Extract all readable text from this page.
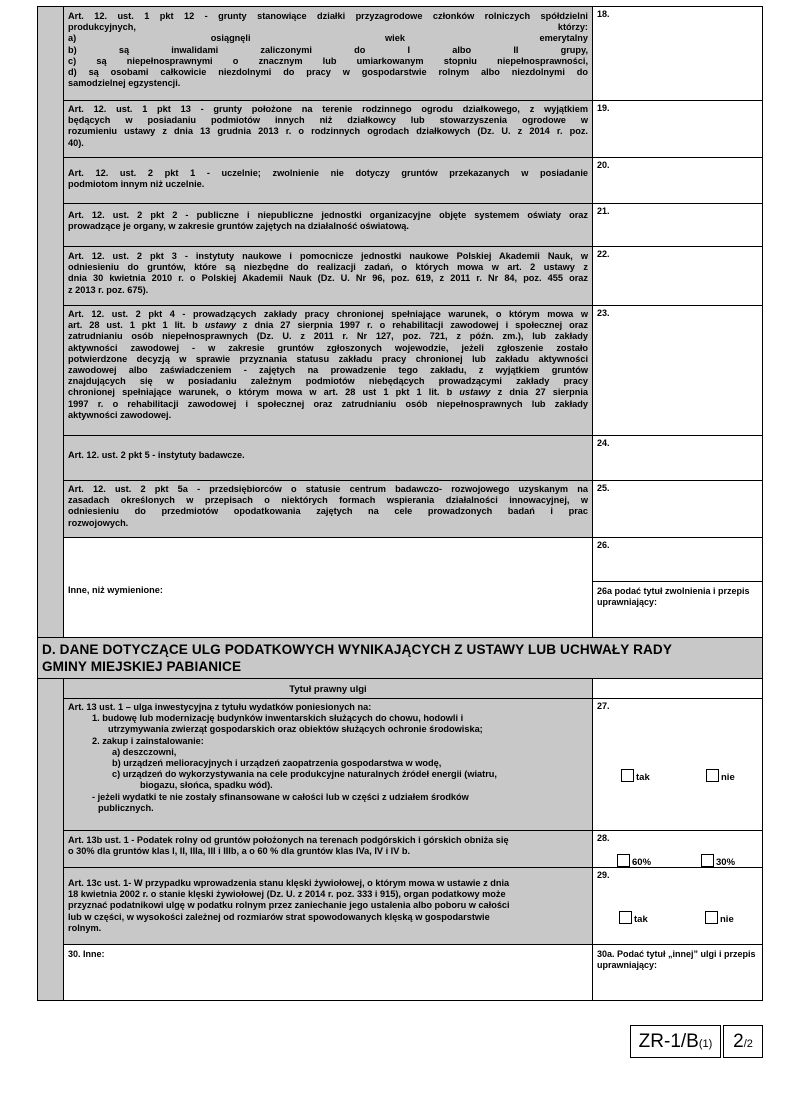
Art. 12. ust. 1 pkt 12 - grunty stanowiące działki przyzagrodowe członków rolniczych spółdzielni
produkcyjnych, którzy:
a) osiągnęli wiek emerytalny
b) są inwalidami zaliczonymi do I albo II grupy,
c) są niepełnosprawnymi o znacznym lub umiarkowanym stopniu niepełnosprawności,
d) są osobami całkowicie niezdolnymi do pracy w gospodarstwie rolnym albo niezdolnymi do
samodzielnej egzystencji.
18.
Art. 12. ust. 1 pkt 13 - grunty położone na terenie rodzinnego ogrodu działkowego, z wyjątkiem
będących w posiadaniu podmiotów innych niż działkowcy lub stowarzyszenia ogrodowe w
rozumieniu ustawy z dnia 13 grudnia 2013 r. o rodzinnych ogrodach działkowych (Dz. U. z 2014 r. poz.
40).
19.
Art. 12. ust. 2 pkt 1 - uczelnie; zwolnienie nie dotyczy gruntów przekazanych w posiadanie
podmiotom innym niż uczelnie.
20.
Art. 12. ust. 2 pkt 2 - publiczne i niepubliczne jednostki organizacyjne objęte systemem oświaty oraz
prowadzące je organy, w zakresie gruntów zajętych na działalność oświatową.
21.
Art. 12. ust. 2 pkt 3 - instytuty naukowe i pomocnicze jednostki naukowe Polskiej Akademii Nauk, w
odniesieniu do gruntów, które są niezbędne do realizacji zadań, o których mowa w art. 2 ustawy z
dnia 30 kwietnia 2010 r. o Polskiej Akademii Nauk (Dz. U. Nr 96, poz. 619, z 2011 r. Nr 84, poz. 455 oraz
z 2013 r. poz. 675).
22.
Art. 12. ust. 2 pkt 4 - prowadzących zakłady pracy chronionej spełniające warunek, o którym mowa w
art. 28 ust. 1 pkt 1 lit. b ustawy z dnia 27 sierpnia 1997 r. o rehabilitacji zawodowej i społecznej oraz
zatrudnianiu osób niepełnosprawnych (Dz. U. z 2011 r. Nr 127, poz. 721, z późn. zm.), lub zakłady
aktywności zawodowej - w zakresie gruntów zgłoszonych wojewodzie, jeżeli zgłoszenie zostało
potwierdzone decyzją w sprawie przyznania statusu zakładu pracy chronionej lub zakładu aktywności
zawodowej albo zaświadczeniem - zajętych na prowadzenie tego zakładu, z wyjątkiem gruntów
znajdujących się w posiadaniu zależnym podmiotów niebędących prowadzącymi zakłady pracy
chronionej spełniające warunek, o którym mowa w art. 28 ust 1 pkt 1 lit. b ustawy z dnia 27 sierpnia
1997 r. o rehabilitacji zawodowej i społecznej oraz zatrudnianiu osób niepełnosprawnych lub zakłady
aktywności zawodowej.
23.
Art. 12. ust. 2 pkt 5 - instytuty badawcze.
24.
Art. 12. ust. 2 pkt 5a - przedsiębiorców o statusie centrum badawczo- rozwojowego uzyskanym na
zasadach określonych w przepisach o niektórych formach wspierania działalności innowacyjnej, w
odniesieniu do przedmiotów opodatkowania zajętych na cele prowadzonych badań i prac
rozwojowych.
25.
Inne, niż wymienione:
26.
26a podać tytuł zwolnienia i przepis uprawniający:
D. DANE DOTYCZĄCE ULG PODATKOWYCH WYNIKAJĄCYCH Z USTAWY LUB UCHWAŁY RADY
GMINY MIEJSKIEJ PABIANICE
Tytuł prawny ulgi
Art. 13 ust. 1 – ulga inwestycyjna z tytułu wydatków poniesionych na:
1. budowę lub modernizację budynków inwentarskich służących do chowu, hodowli i
utrzymywania zwierząt gospodarskich oraz obiektów służących ochronie środowiska;
2. zakup i zainstalowanie:
a) deszczowni,
b) urządzeń melioracyjnych i urządzeń zaopatrzenia gospodarstwa w wodę,
c) urządzeń do wykorzystywania na cele produkcyjne naturalnych źródeł energii (wiatru,
biogazu, słońca, spadku wód).
- jeżeli wydatki te nie zostały sfinansowane w całości lub w części z udziałem środków
publicznych.
27.
tak	nie
Art. 13b ust. 1 - Podatek rolny od gruntów położonych na terenach podgórskich i górskich obniża się
o 30% dla gruntów klas I, II, IIIa, III i IIIb, a o 60 % dla gruntów klas IVa, IV i IV b.
28.
60%	30%
Art. 13c ust. 1- W przypadku wprowadzenia stanu klęski żywiołowej, o którym mowa w ustawie z dnia
18 kwietnia 2002 r. o stanie klęski żywiołowej (Dz. U. z 2014 r. poz. 333 i 915), organ podatkowy może
przyznać podatnikowi ulgę w podatku rolnym przez zaniechanie jego ustalenia albo poboru w całości
lub w części, w wysokości zależnej od rozmiarów strat spowodowanych klęską w gospodarstwie
rolnym.
29.
tak	nie
30. Inne:	30a. Podać tytuł „innej” ulgi i przepis uprawniający:
ZR-1/B(1)	2/2
